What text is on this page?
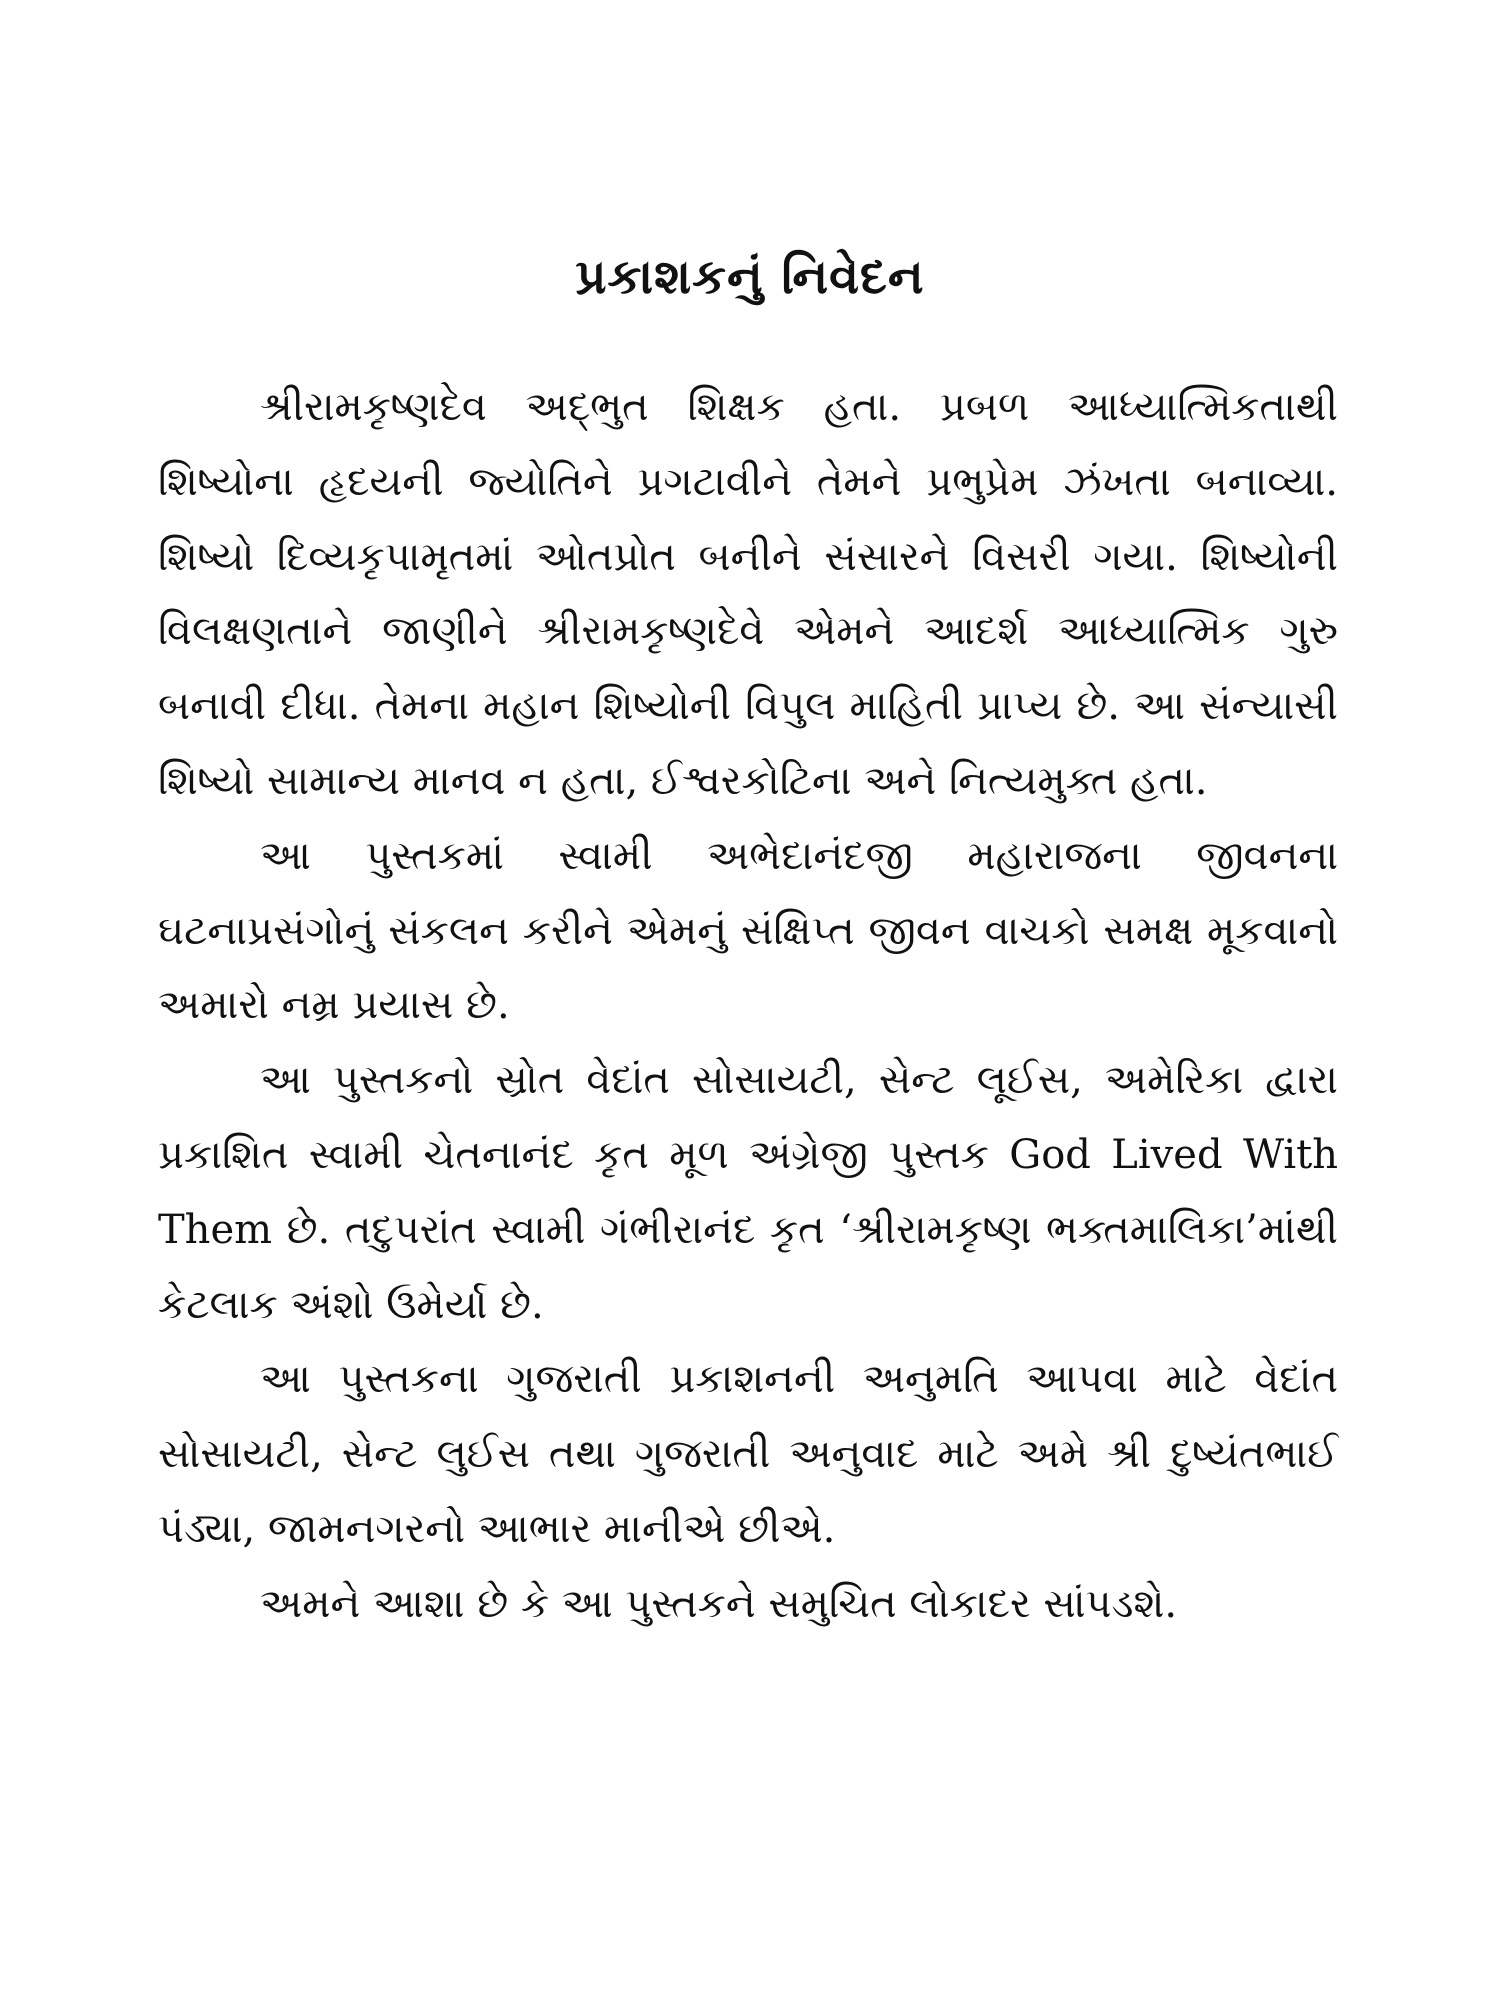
પ્રકાશકનું નિવેદન

શ્રીરામકૃષ્ણદેવ અદ્‌ભુત શિક્ષક હતા. પ્રબળ આધ્યાત્મિકતાથી શિષ્યોના હૃદયની જ્યોતિને પ્રગટાવીને તેમને પ્રભુપ્રેમ ઝંખતા બનાવ્યા. શિષ્યો દિવ્યકૃપામૃતમાં ઓતપ્રોત બનીને સંસારને વિસરી ગયા. શિષ્યોની વિલક્ષણતાને જાણીને શ્રીરામકૃષ્ણદેવે એમને આદર્શ આધ્યાત્મિક ગુરુ બનાવી દીધા. તેમના મહાન શિષ્યોની વિપુલ માહિતી પ્રાપ્ય છે. આ સંન્યાસી શિષ્યો સામાન્ય માનવ ન હતા, ઈશ્વરકોટિના અને નિત્યમુક્ત હતા.

આ પુસ્તકમાં સ્વામી અભેદાનંદજી મહારાજના જીવનના ઘટનાપ્રસંગોનું સંકલન કરીને એમનું સંક્ષિપ્ત જીવન વાચકો સમક્ષ મૂકવાનો અમારો નમ્ર પ્રયાસ છે.

આ પુસ્તકનો સ્રોત વેદાંત સોસાયટી, સેન્ટ લૂઈસ, અમેરિકા દ્વારા પ્રકાશિત સ્વામી ચેતનાનંદ કૃત મૂળ અંગ્રેજી પુસ્તક God Lived With Them છે. તદુપરાંત સ્વામી ગંભીરાનંદ કૃત ‘શ્રીરામકૃષ્ણ ભક્તમાલિકા’માંથી કેટલાક અંશો ઉમેર્યા છે.

આ પુસ્તકના ગુજરાતી પ્રકાશનની અનુમતિ આપવા માટે વેદાંત સોસાયટી, સેન્ટ લુઈસ તથા ગુજરાતી અનુવાદ માટે અમે શ્રી દુષ્યંતભાઈ પંડ્યા, જામનગરનો આભાર માનીએ છીએ.

અમને આશા છે કે આ પુસ્તકને સમુચિત લોકાદર સાંપડશે.
